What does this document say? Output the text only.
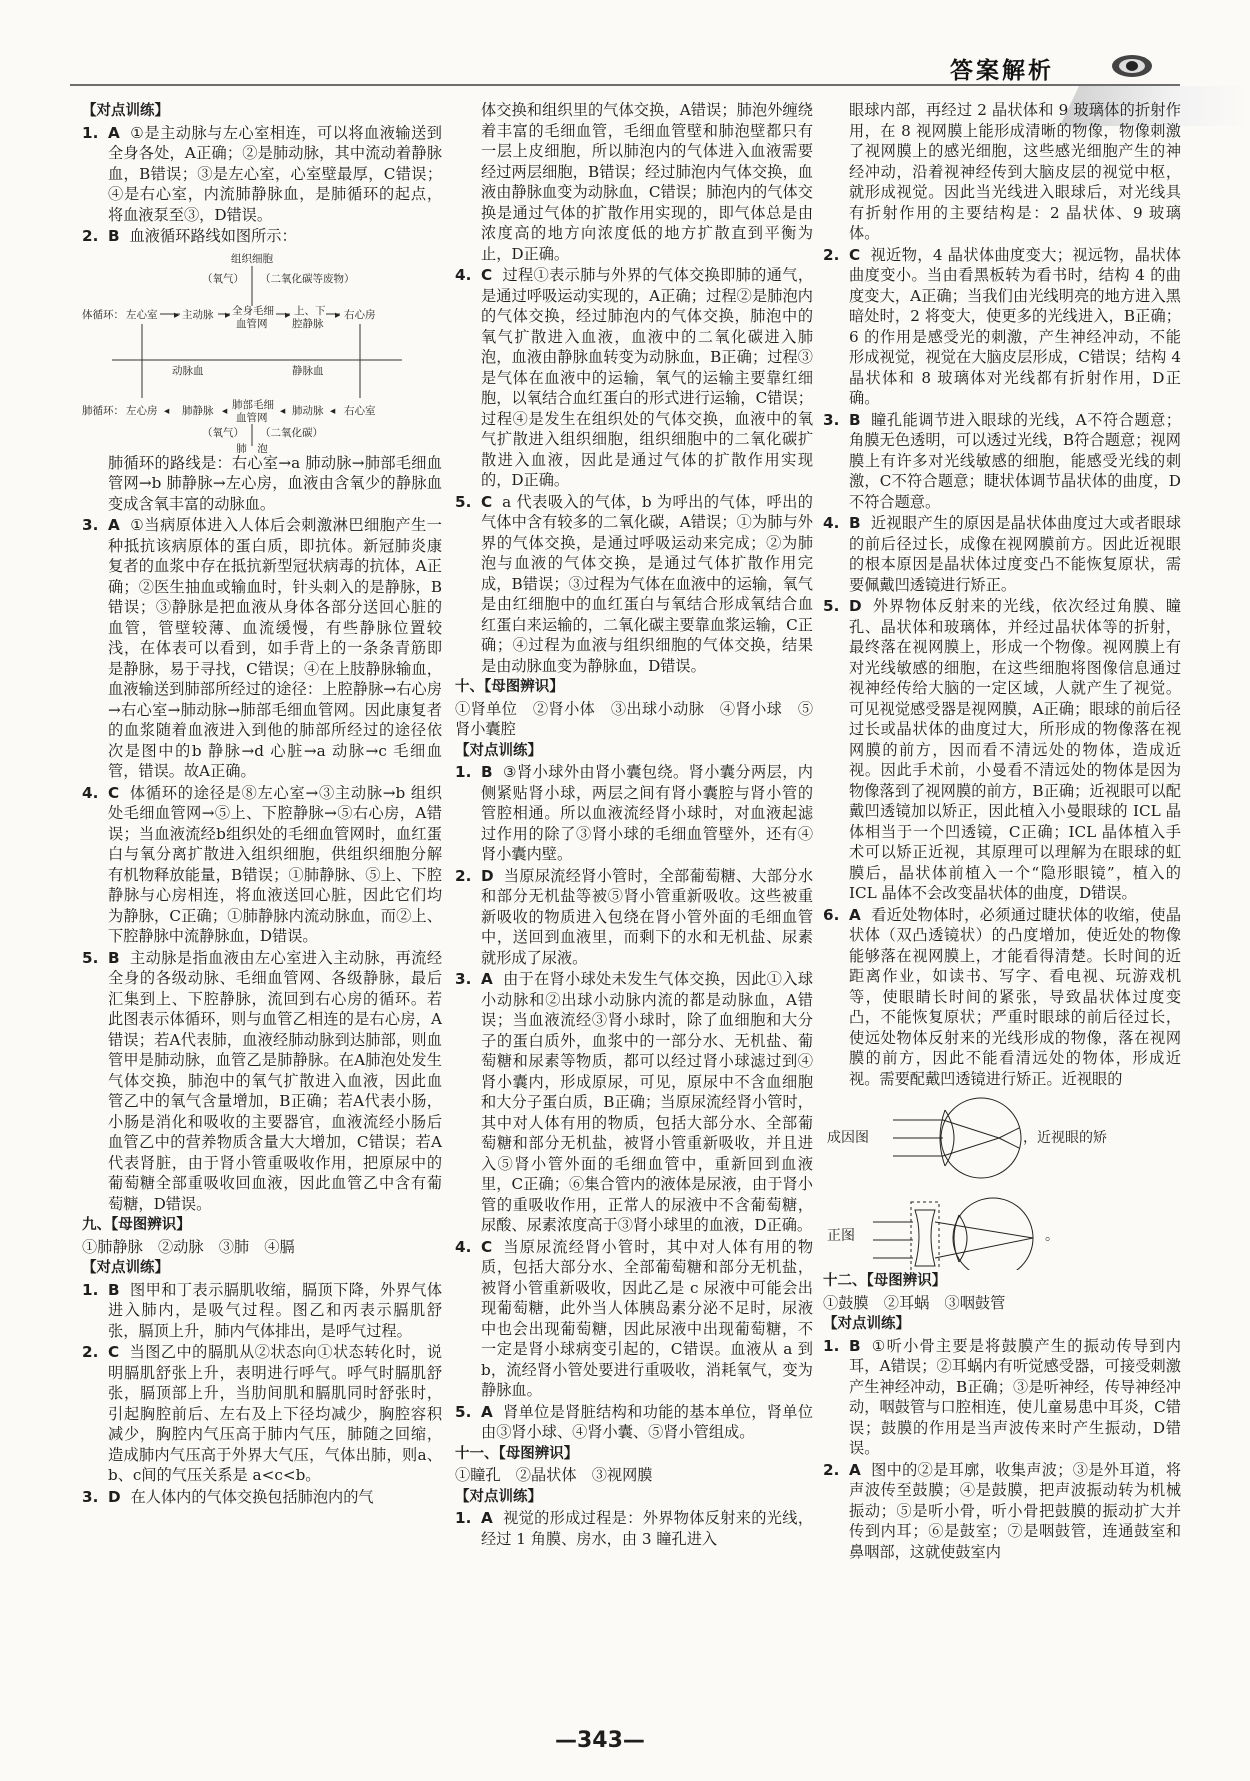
答案解析
【 对点训练 】
1. A ①是主动脉与左心室相连，可以将血液输送到全身各处，A正确；②是肺动脉，其中流动着静脉血，B错误；③是左心室，心室壁最厚，C错误；④是右心室，内流肺静脉血，是肺循环的起点，将血液泵至③，D错误。
2. B 血液循环路线如图所示：
组织细胞
（氧气） （二氧化碳等废物）
体循环： 左心室 主动脉 全身毛细
血管网
上、下
腔静脉
右心房
▸	▸	▸	▸
动脉血	静脉血
肺循环： 左心房 肺静脉 肺部毛细
血管网
肺动脉 右心室
◂	◂	◂	◂
（氧气） （二氧化碳）
肺　泡
肺循环的路线是：右心室→a 肺动脉→肺部毛细血管网→b 肺静脉→左心房，血液由含氧少的静脉血变成含氧丰富的动脉血。
3. A ①当病原体进入人体后会刺激淋巴细胞产生一种抵抗该病原体的蛋白质，即抗体。新冠肺炎康复者的血浆中存在抵抗新型冠状病毒的抗体，A正确；②医生抽血或输血时，针头刺入的是静脉，B错误；③静脉是把血液从身体各部分送回心脏的血管，管壁较薄、血流缓慢，有些静脉位置较浅，在体表可以看到，如手背上的一条条青筋即是静脉，易于寻找，C错误；④在上肢静脉输血，血液输送到肺部所经过的途径：上腔静脉→右心房→右心室→肺动脉→肺部毛细血管网。因此康复者的血浆随着血液进入到他的肺部所经过的途径依次是图中的b 静脉→d 心脏→a 动脉→c 毛细血管，错误。故A正确。
4. C 体循环的途径是⑧左心室→③主动脉→b 组织处毛细血管网→⑤上、下腔静脉→⑤右心房，A错误；当血液流经b组织处的毛细血管网时，血红蛋白与氧分离扩散进入组织细胞，供组织细胞分解有机物释放能量，B错误；①肺静脉、⑤上、下腔静脉与心房相连，将血液送回心脏，因此它们均为静脉，C正确；①肺静脉内流动脉血，而②上、下腔静脉中流静脉血，D错误。
5. B 主动脉是指血液由左心室进入主动脉，再流经全身的各级动脉、毛细血管网、各级静脉，最后汇集到上、下腔静脉，流回到右心房的循环。若此图表示体循环，则与血管乙相连的是右心房，A错误；若A代表肺，血液经肺动脉到达肺部，则血管甲是肺动脉，血管乙是肺静脉。在A肺泡处发生气体交换，肺泡中的氧气扩散进入血液，因此血管乙中的氧气含量增加，B正确；若A代表小肠，小肠是消化和吸收的主要器官，血液流经小肠后血管乙中的营养物质含量大大增加，C错误；若A代表肾脏，由于肾小管重吸收作用，把原尿中的葡萄糖全部重吸收回血液，因此血管乙中含有葡萄糖，D错误。
九、【母图辨识】
①肺静脉　②动脉　③肺　④膈
【 对点训练 】
1. B 图甲和丁表示膈肌收缩，膈顶下降，外界气体进入肺内，是吸气过程。图乙和丙表示膈肌舒张，膈顶上升，肺内气体排出，是呼气过程。
2. C 当图乙中的膈肌从②状态向①状态转化时，说明膈肌舒张上升，表明进行呼气。呼气时膈肌舒张，膈顶部上升，当肋间肌和膈肌同时舒张时，引起胸腔前后、左右及上下径均减少，胸腔容积减少，胸腔内气压高于肺内气压，肺随之回缩，造成肺内气压高于外界大气压，气体出肺，则a、b、c间的气压关系是 a<c<b。
3. D 在人体内的气体交换包括肺泡内的气
体交换和组织里的气体交换，A错误；肺泡外缠绕着丰富的毛细血管，毛细血管壁和肺泡壁都只有一层上皮细胞，所以肺泡内的气体进入血液需要经过两层细胞，B错误；经过肺泡内气体交换，血液由静脉血变为动脉血，C错误；肺泡内的气体交换是通过气体的扩散作用实现的，即气体总是由浓度高的地方向浓度低的地方扩散直到平衡为止，D正确。
4. C 过程①表示肺与外界的气体交换即肺的通气，是通过呼吸运动实现的，A正确；过程②是肺泡内的气体交换，经过肺泡内的气体交换，肺泡中的氧气扩散进入血液，血液中的二氧化碳进入肺泡，血液由静脉血转变为动脉血，B正确；过程③是气体在血液中的运输，氧气的运输主要靠红细胞，以氧结合血红蛋白的形式进行运输，C错误；过程④是发生在组织处的气体交换，血液中的氧气扩散进入组织细胞，组织细胞中的二氧化碳扩散进入血液，因此是通过气体的扩散作用实现的，D正确。
5. C a 代表吸入的气体，b 为呼出的气体，呼出的气体中含有较多的二氧化碳，A错误；①为肺与外界的气体交换，是通过呼吸运动来完成；②为肺泡与血液的气体交换，是通过气体扩散作用完成，B错误；③过程为气体在血液中的运输，氧气是由红细胞中的血红蛋白与氧结合形成氧结合血红蛋白来运输的，二氧化碳主要靠血浆运输，C正确；④过程为血液与组织细胞的气体交换，结果是由动脉血变为静脉血，D错误。
十、【母图辨识】
①肾单位　②肾小体　③出球小动脉　④肾小球　⑤肾小囊腔
【 对点训练 】
1. B ③肾小球外由肾小囊包绕。肾小囊分两层，内侧紧贴肾小球，两层之间有肾小囊腔与肾小管的管腔相通。所以血液流经肾小球时，对血液起滤过作用的除了③肾小球的毛细血管壁外，还有④肾小囊内壁。
2. D 当原尿流经肾小管时，全部葡萄糖、大部分水和部分无机盐等被⑤肾小管重新吸收。这些被重新吸收的物质进入包绕在肾小管外面的毛细血管中，送回到血液里，而剩下的水和无机盐、尿素就形成了尿液。
3. A 由于在肾小球处未发生气体交换，因此①入球小动脉和②出球小动脉内流的都是动脉血，A错误；当血液流经③肾小球时，除了血细胞和大分子的蛋白质外，血浆中的一部分水、无机盐、葡萄糖和尿素等物质，都可以经过肾小球滤过到④肾小囊内，形成原尿，可见，原尿中不含血细胞和大分子蛋白质，B正确；当原尿流经肾小管时，其中对人体有用的物质，包括大部分水、全部葡萄糖和部分无机盐，被肾小管重新吸收，并且进入⑤肾小管外面的毛细血管中，重新回到血液里，C正确；⑥集合管内的液体是尿液，由于肾小管的重吸收作用，正常人的尿液中不含葡萄糖，尿酸、尿素浓度高于③肾小球里的血液，D正确。
4. C 当原尿流经肾小管时，其中对人体有用的物质，包括大部分水、全部葡萄糖和部分无机盐，被肾小管重新吸收，因此乙是 c 尿液中可能会出现葡萄糖，此外当人体胰岛素分泌不足时，尿液中也会出现葡萄糖，因此尿液中出现葡萄糖，不一定是肾小球病变引起的，C错误。血液从 a 到 b，流经肾小管处要进行重吸收，消耗氧气，变为静脉血。
5. A 肾单位是肾脏结构和功能的基本单位，肾单位由③肾小球、④肾小囊、⑤肾小管组成。
十一、【母图辨识】
①瞳孔　②晶状体　③视网膜
【 对点训练 】
1. A 视觉的形成过程是：外界物体反射来的光线，经过 1 角膜、房水，由 3 瞳孔进入
眼球内部，再经过 2 晶状体和 9 玻璃体的折射作用，在 8 视网膜上能形成清晰的物像，物像刺激了视网膜上的感光细胞，这些感光细胞产生的神经冲动，沿着视神经传到大脑皮层的视觉中枢，就形成视觉。因此当光线进入眼球后，对光线具有折射作用的主要结构是：2 晶状体、9 玻璃体。
2. C 视近物，4 晶状体曲度变大；视远物，晶状体曲度变小。当由看黑板转为看书时，结构 4 的曲度变大，A正确；当我们由光线明亮的地方进入黑暗处时，2 将变大，使更多的光线进入，B正确；6 的作用是感受光的刺激，产生神经冲动，不能形成视觉，视觉在大脑皮层形成，C错误；结构 4 晶状体和 8 玻璃体对光线都有折射作用，D正确。
3. B 瞳孔能调节进入眼球的光线，A不符合题意；角膜无色透明，可以透过光线，B符合题意；视网膜上有许多对光线敏感的细胞，能感受光线的刺激，C不符合题意；睫状体调节晶状体的曲度，D不符合题意。
4. B 近视眼产生的原因是晶状体曲度过大或者眼球的前后径过长，成像在视网膜前方。因此近视眼的根本原因是晶状体过度变凸不能恢复原状，需要佩戴凹透镜进行矫正。
5. D 外界物体反射来的光线，依次经过角膜、瞳孔、晶状体和玻璃体，并经过晶状体等的折射，最终落在视网膜上，形成一个物像。视网膜上有对光线敏感的细胞，在这些细胞将图像信息通过视神经传给大脑的一定区域，人就产生了视觉。可见视觉感受器是视网膜，A正确；眼球的前后径过长或晶状体的曲度过大，所形成的物像落在视网膜的前方，因而看不清远处的物体，造成近视。因此手术前，小曼看不清远处的物体是因为物像落到了视网膜的前方，B正确；近视眼可以配戴凹透镜加以矫正，因此植入小曼眼球的 ICL 晶体相当于一个凹透镜，C正确；ICL 晶体植入手术可以矫正近视，其原理可以理解为在眼球的虹膜后，晶状体前植入一个“隐形眼镜”，植入的 ICL 晶体不会改变晶状体的曲度，D错误。
6. A 看近处物体时，必须通过睫状体的收缩，使晶状体（双凸透镜状）的凸度增加，使近处的物像能够落在视网膜上，才能看得清楚。长时间的近距离作业，如读书、写字、看电视、玩游戏机等，使眼睛长时间的紧张，导致晶状体过度变凸，不能恢复原状；严重时眼球的前后径过长，使远处物体反射来的光线形成的物像，落在视网膜的前方，因此不能看清远处的物体，形成近视。需要配戴凹透镜进行矫正。近视眼的
成因图	，近视眼的矫
正图	。
十二、【母图辨识】
①鼓膜　②耳蜗　③咽鼓管
【 对点训练 】
1. B ①听小骨主要是将鼓膜产生的振动传导到内耳，A错误；②耳蜗内有听觉感受器，可接受刺激产生神经冲动，B正确；③是听神经，传导神经冲动，咽鼓管与口腔相连，使儿童易患中耳炎，C错误；鼓膜的作用是当声波传来时产生振动，D错误。
2. A 图中的②是耳廓，收集声波；③是外耳道，将声波传至鼓膜；④是鼓膜，把声波振动转为机械振动；⑤是听小骨，听小骨把鼓膜的振动扩大并传到内耳；⑥是鼓室；⑦是咽鼓管，连通鼓室和鼻咽部，这就使鼓室内
—343—
